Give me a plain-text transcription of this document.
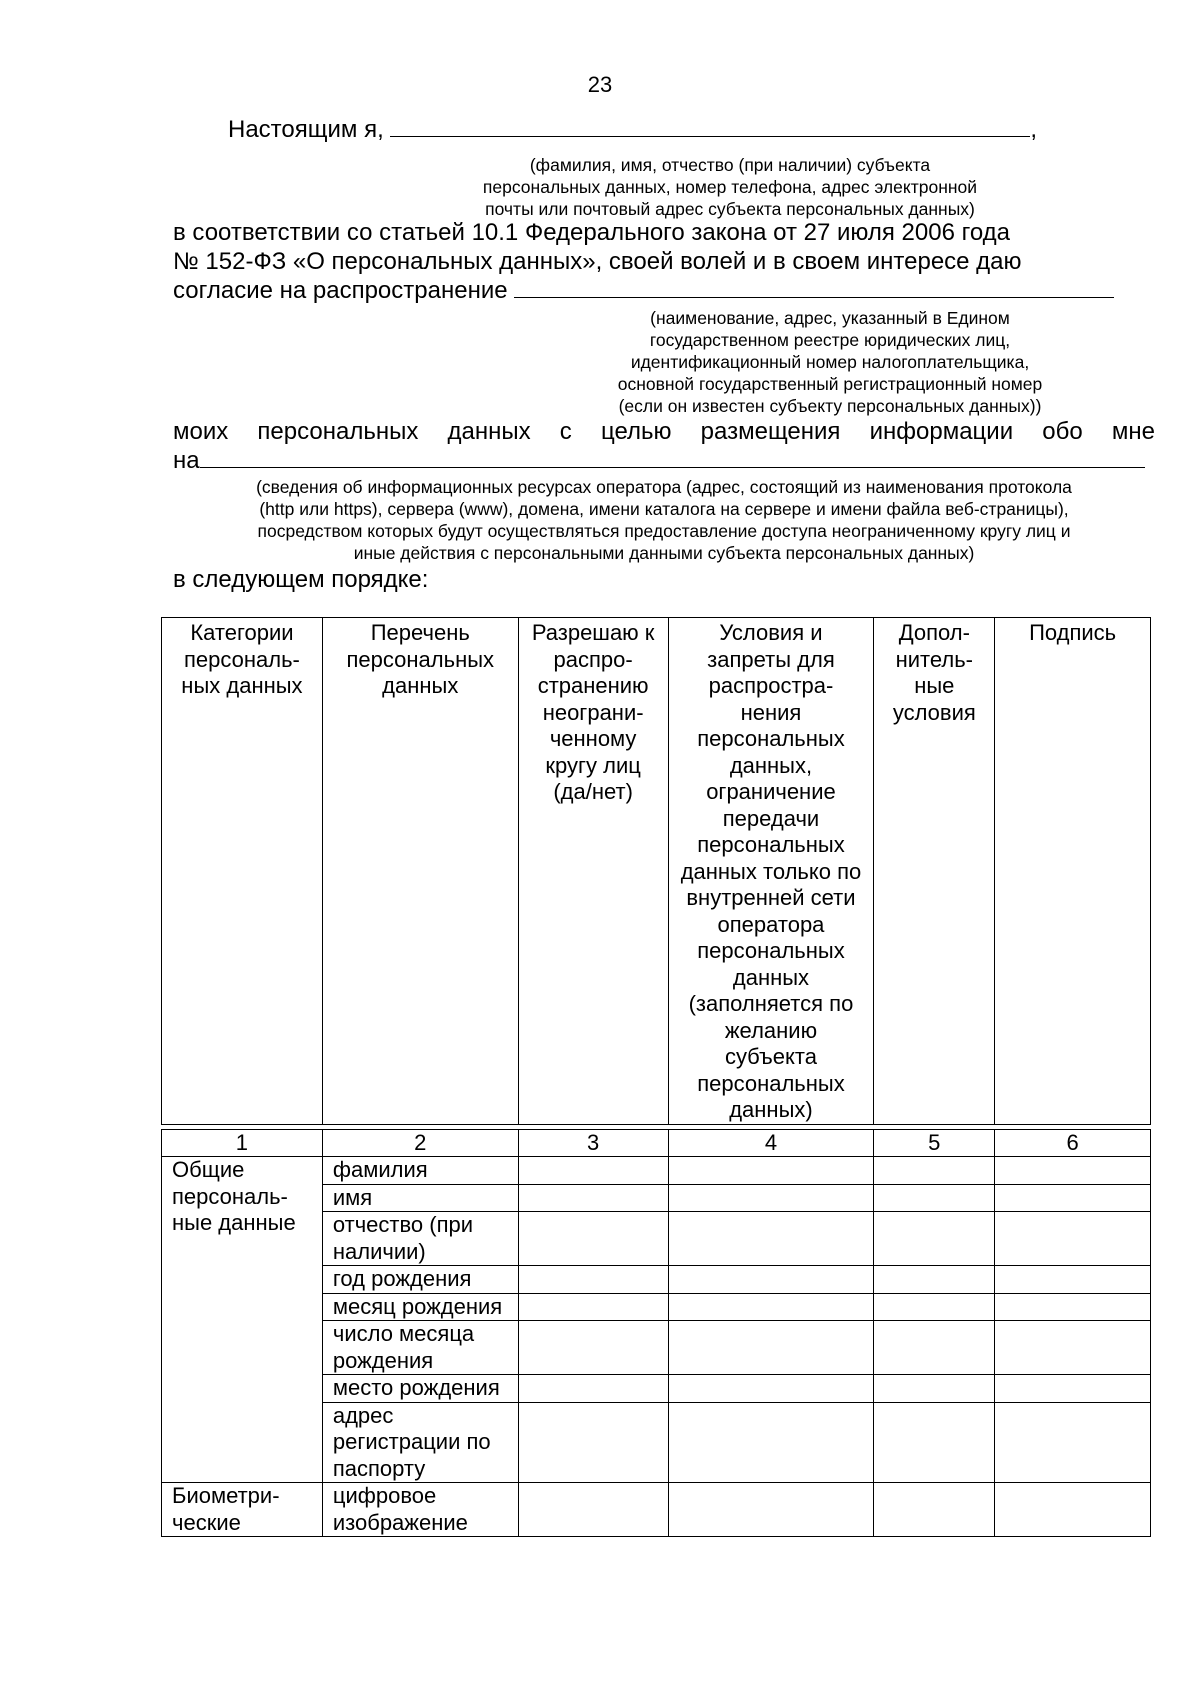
23
Настоящим я,	,
(фамилия, имя, отчество (при наличии) субъекта
персональных данных, номер телефона, адрес электронной
почты или почтовый адрес субъекта персональных данных)
в соответствии со статьей 10.1 Федерального закона от 27 июля 2006 года
№ 152-ФЗ «О персональных данных», своей волей и в своем интересе даю
согласие на распространение
(наименование, адрес, указанный в Едином
государственном реестре юридических лиц,
идентификационный номер налогоплательщика,
основной государственный регистрационный номер
(если он известен субъекту персональных данных))
моих персональных данных с целью размещения информации обо мне
на
(сведения об информационных ресурсах оператора (адрес, состоящий из наименования протокола
(http или https), сервера (www), домена, имени каталога на сервере и имени файла веб-страницы),
посредством которых будут осуществляться предоставление доступа неограниченному кругу лиц и
иные действия с персональными данными субъекта персональных данных)
в следующем порядке:
Категории персональ-ных данных	Перечень персональных данных	Разрешаю к распро-странению неограни-ченному кругу лиц (да/нет)	Условия и запреты для распростра-нения персональных данных, ограничение передачи персональных данных только по внутренней сети оператора персональных данных (заполняется по желанию субъекта персональных данных)	Допол-нитель-ные условия	Подпись

1	2	3	4	5	6
Общие персональ-ные данные	фамилия				
	имя				
	отчество (при наличии)				
	год рождения				
	месяц рождения				
	число месяца рождения				
	место рождения				
	адрес регистрации по паспорту				
Биометри-ческие	цифровое изображение				
